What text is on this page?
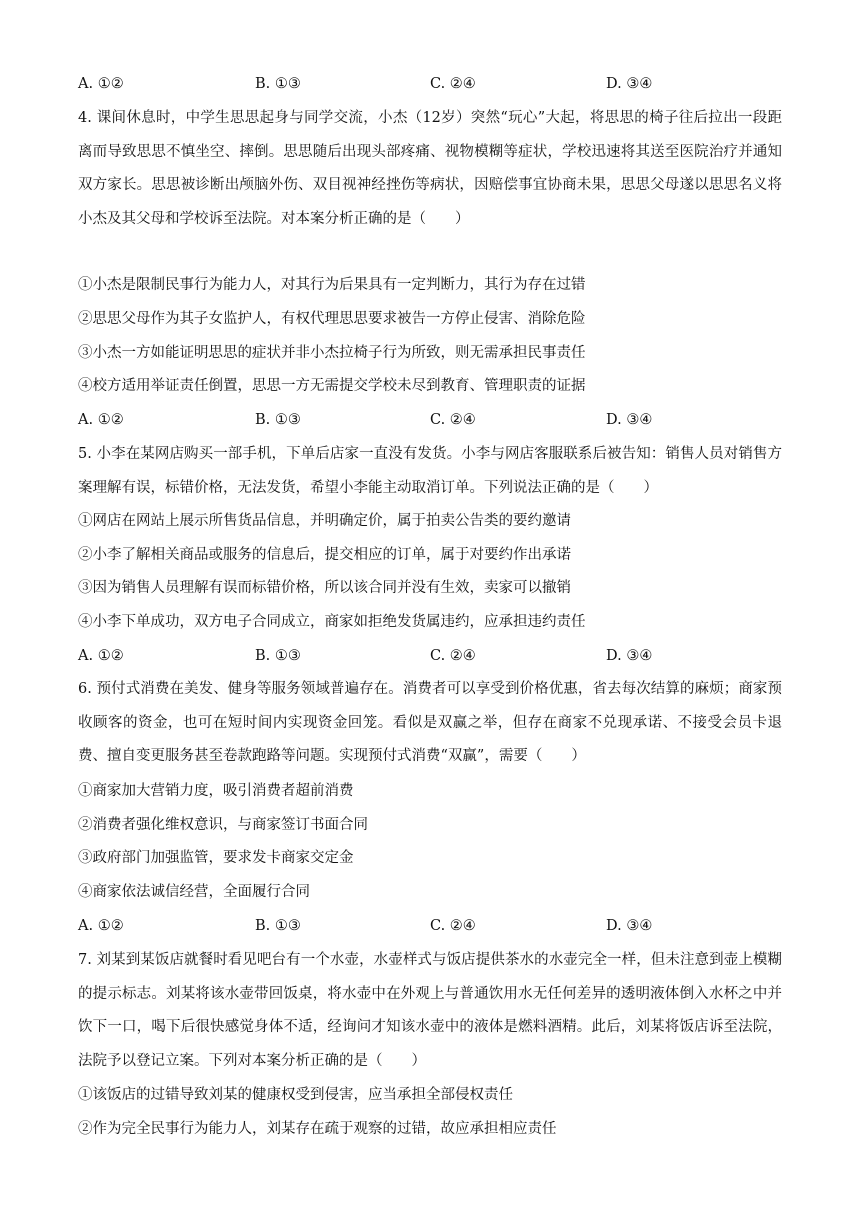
A. ①②	B. ①③	C. ②④	D. ③④
4. 课间休息时，中学生思思起身与同学交流，小杰（12岁）突然“玩心”大起，将思思的椅子往后拉出一段距离而导致思思不慎坐空、摔倒。思思随后出现头部疼痛、视物模糊等症状，学校迅速将其送至医院治疗并通知双方家长。思思被诊断出颅脑外伤、双目视神经挫伤等病状，因赔偿事宜协商未果，思思父母遂以思思名义将小杰及其父母和学校诉至法院。对本案分析正确的是（　　）
①小杰是限制民事行为能力人，对其行为后果具有一定判断力，其行为存在过错
②思思父母作为其子女监护人，有权代理思思要求被告一方停止侵害、消除危险
③小杰一方如能证明思思的症状并非小杰拉椅子行为所致，则无需承担民事责任
④校方适用举证责任倒置，思思一方无需提交学校未尽到教育、管理职责的证据
A. ①②	B. ①③	C. ②④	D. ③④
5. 小李在某网店购买一部手机，下单后店家一直没有发货。小李与网店客服联系后被告知：销售人员对销售方案理解有误，标错价格，无法发货，希望小李能主动取消订单。下列说法正确的是（　　）
①网店在网站上展示所售货品信息，并明确定价，属于拍卖公告类的要约邀请
②小李了解相关商品或服务的信息后，提交相应的订单，属于对要约作出承诺
③因为销售人员理解有误而标错价格，所以该合同并没有生效，卖家可以撤销
④小李下单成功，双方电子合同成立，商家如拒绝发货属违约，应承担违约责任
A. ①②	B. ①③	C. ②④	D. ③④
6. 预付式消费在美发、健身等服务领域普遍存在。消费者可以享受到价格优惠，省去每次结算的麻烦；商家预收顾客的资金，也可在短时间内实现资金回笼。看似是双赢之举，但存在商家不兑现承诺、不接受会员卡退费、擅自变更服务甚至卷款跑路等问题。实现预付式消费“双赢”，需要（　　）
①商家加大营销力度，吸引消费者超前消费
②消费者强化维权意识，与商家签订书面合同
③政府部门加强监管，要求发卡商家交定金
④商家依法诚信经营，全面履行合同
A. ①②	B. ①③	C. ②④	D. ③④
7. 刘某到某饭店就餐时看见吧台有一个水壶，水壶样式与饭店提供茶水的水壶完全一样，但未注意到壶上模糊的提示标志。刘某将该水壶带回饭桌，将水壶中在外观上与普通饮用水无任何差异的透明液体倒入水杯之中并饮下一口，喝下后很快感觉身体不适，经询问才知该水壶中的液体是燃料酒精。此后，刘某将饭店诉至法院，法院予以登记立案。下列对本案分析正确的是（　　）
①该饭店的过错导致刘某的健康权受到侵害，应当承担全部侵权责任
②作为完全民事行为能力人，刘某存在疏于观察的过错，故应承担相应责任
